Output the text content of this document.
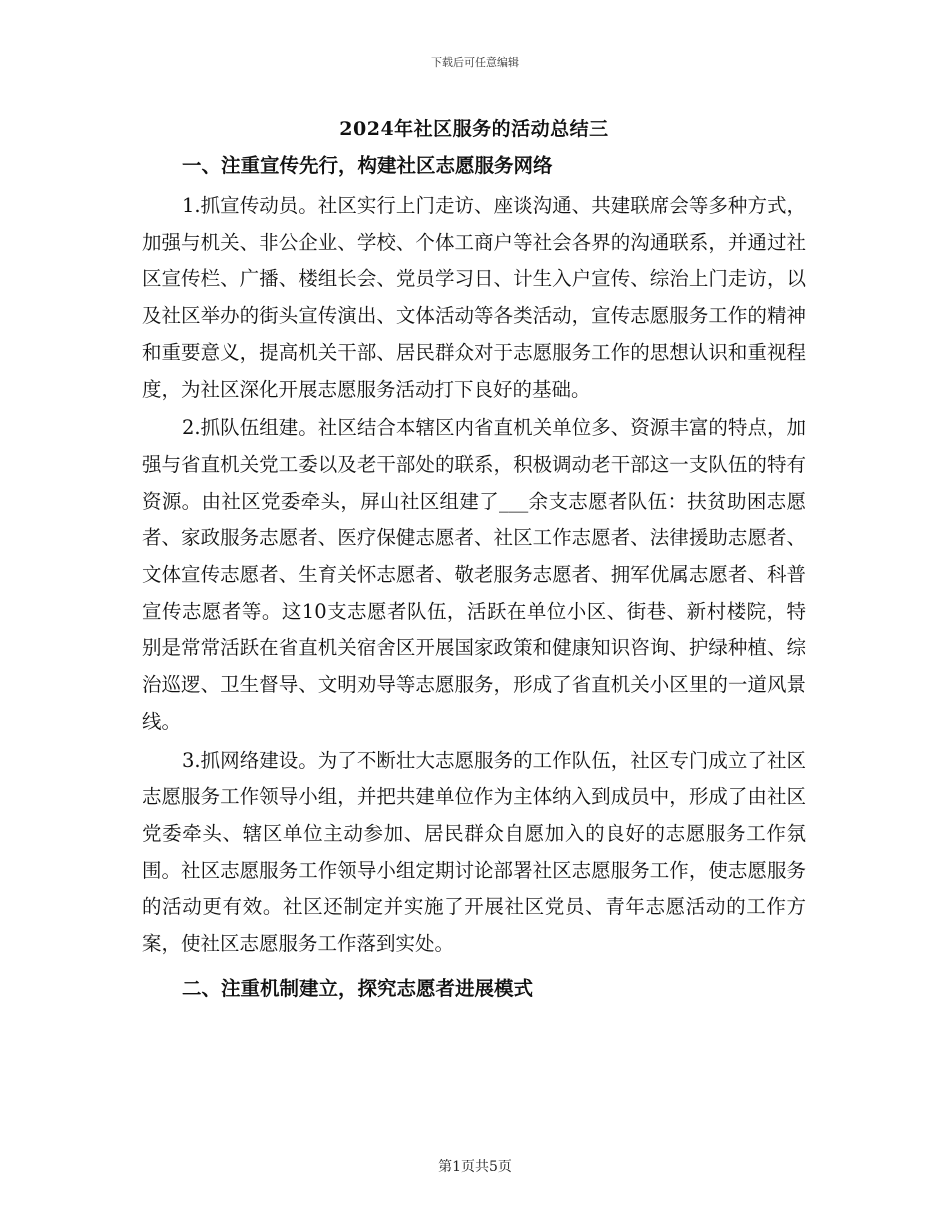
下载后可任意编辑
2024年社区服务的活动总结三
一、注重宣传先行，构建社区志愿服务网络

1.抓宣传动员。社区实行上门走访、座谈沟通、共建联席会等多种方式，加强与机关、非公企业、学校、个体工商户等社会各界的沟通联系，并通过社区宣传栏、广播、楼组长会、党员学习日、计生入户宣传、综治上门走访，以及社区举办的街头宣传演出、文体活动等各类活动，宣传志愿服务工作的精神和重要意义，提高机关干部、居民群众对于志愿服务工作的思想认识和重视程度，为社区深化开展志愿服务活动打下良好的基础。

2.抓队伍组建。社区结合本辖区内省直机关单位多、资源丰富的特点，加强与省直机关党工委以及老干部处的联系，积极调动老干部这一支队伍的特有资源。由社区党委牵头，屏山社区组建了___余支志愿者队伍：扶贫助困志愿者、家政服务志愿者、医疗保健志愿者、社区工作志愿者、法律援助志愿者、文体宣传志愿者、生育关怀志愿者、敬老服务志愿者、拥军优属志愿者、科普宣传志愿者等。这10支志愿者队伍，活跃在单位小区、街巷、新村楼院，特别是常常活跃在省直机关宿舍区开展国家政策和健康知识咨询、护绿种植、综治巡逻、卫生督导、文明劝导等志愿服务，形成了省直机关小区里的一道风景线。

3.抓网络建设。为了不断壮大志愿服务的工作队伍，社区专门成立了社区志愿服务工作领导小组，并把共建单位作为主体纳入到成员中，形成了由社区党委牵头、辖区单位主动参加、居民群众自愿加入的良好的志愿服务工作氛围。社区志愿服务工作领导小组定期讨论部署社区志愿服务工作，使志愿服务的活动更有效。社区还制定并实施了开展社区党员、青年志愿活动的工作方案，使社区志愿服务工作落到实处。

二、注重机制建立，探究志愿者进展模式
第1页共5页
